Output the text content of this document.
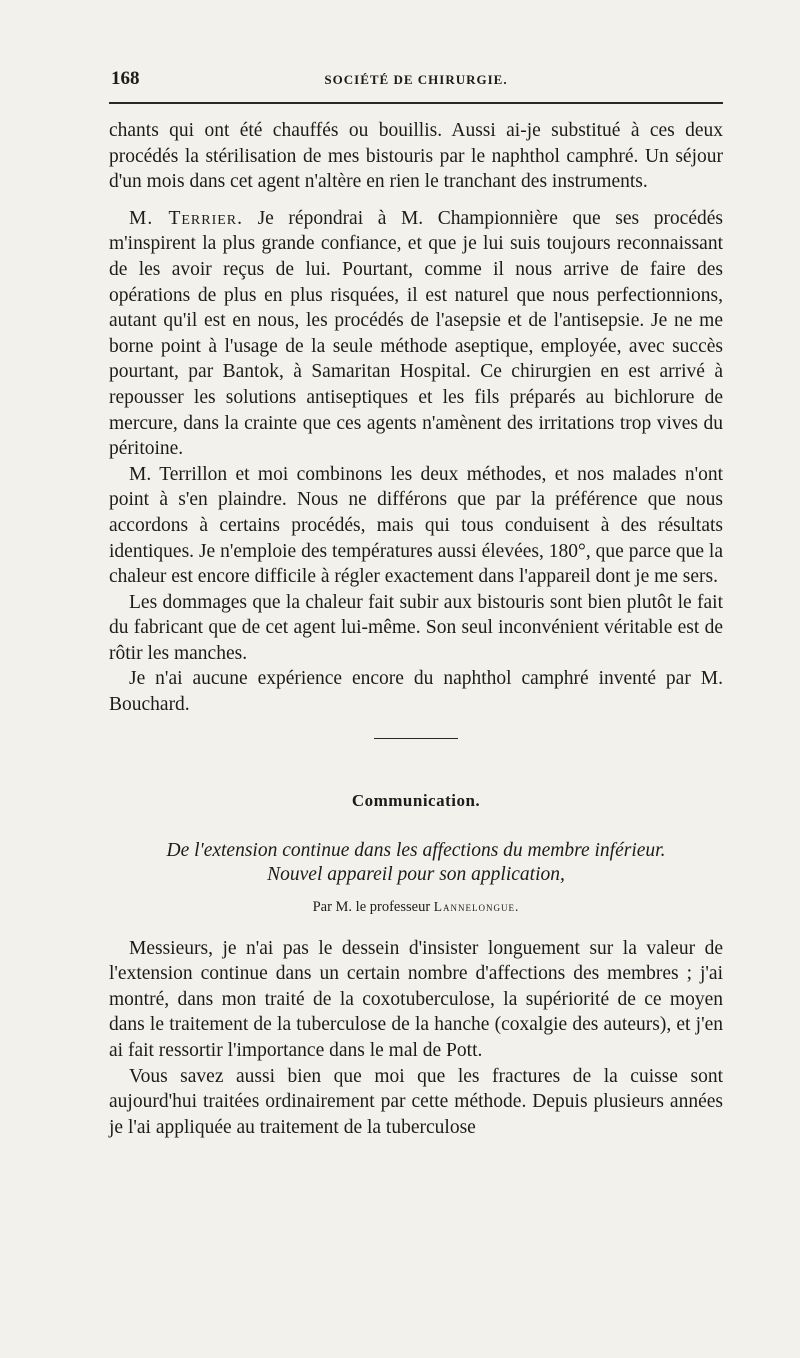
168	SOCIÉTÉ DE CHIRURGIE.

chants qui ont été chauffés ou bouillis. Aussi ai-je substitué à ces deux procédés la stérilisation de mes bistouris par le naphthol camphré. Un séjour d'un mois dans cet agent n'altère en rien le tranchant des instruments.

M. Terrier. Je répondrai à M. Championnière que ses procédés m'inspirent la plus grande confiance, et que je lui suis toujours reconnaissant de les avoir reçus de lui. Pourtant, comme il nous arrive de faire des opérations de plus en plus risquées, il est naturel que nous perfectionnions, autant qu'il est en nous, les procédés de l'asepsie et de l'antisepsie. Je ne me borne point à l'usage de la seule méthode aseptique, employée, avec succès pourtant, par Bantok, à Samaritan Hospital. Ce chirurgien en est arrivé à repousser les solutions antiseptiques et les fils préparés au bichlorure de mercure, dans la crainte que ces agents n'amènent des irritations trop vives du péritoine.

M. Terrillon et moi combinons les deux méthodes, et nos malades n'ont point à s'en plaindre. Nous ne différons que par la préférence que nous accordons à certains procédés, mais qui tous conduisent à des résultats identiques. Je n'emploie des températures aussi élevées, 180°, que parce que la chaleur est encore difficile à régler exactement dans l'appareil dont je me sers.

Les dommages que la chaleur fait subir aux bistouris sont bien plutôt le fait du fabricant que de cet agent lui-même. Son seul inconvénient véritable est de rôtir les manches.

Je n'ai aucune expérience encore du naphthol camphré inventé par M. Bouchard.

Communication.
De l'extension continue dans les affections du membre inférieur.
Nouvel appareil pour son application,
Par M. le professeur Lannelongue.

Messieurs, je n'ai pas le dessein d'insister longuement sur la valeur de l'extension continue dans un certain nombre d'affections des membres ; j'ai montré, dans mon traité de la coxotuberculose, la supériorité de ce moyen dans le traitement de la tuberculose de la hanche (coxalgie des auteurs), et j'en ai fait ressortir l'importance dans le mal de Pott.

Vous savez aussi bien que moi que les fractures de la cuisse sont aujourd'hui traitées ordinairement par cette méthode. Depuis plusieurs années je l'ai appliquée au traitement de la tuberculose
